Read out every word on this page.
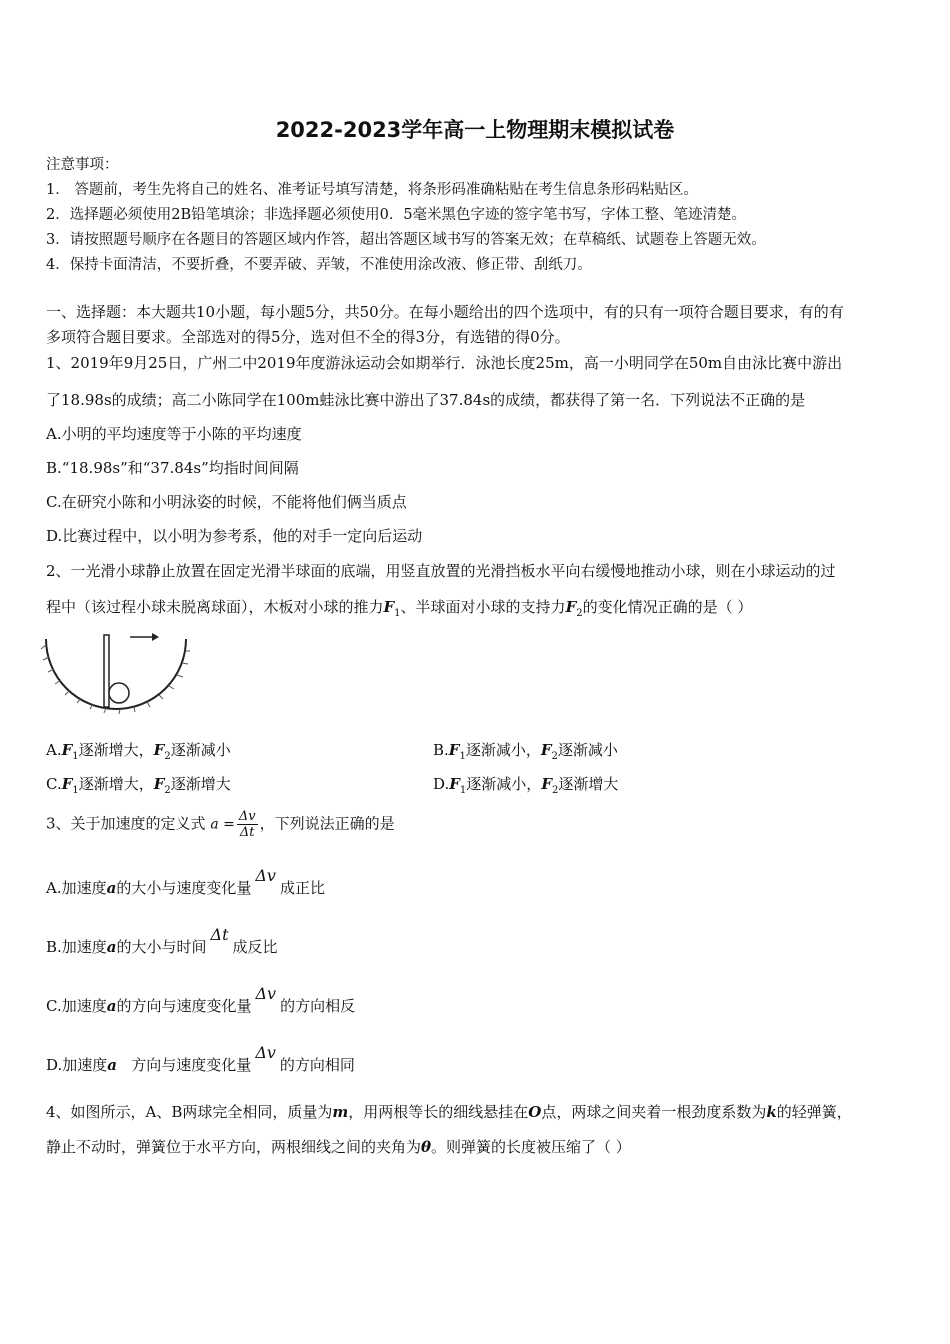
2022-2023学年高一上物理期末模拟试卷
注意事项：
1． 答题前，考生先将自己的姓名、准考证号填写清楚，将条形码准确粘贴在考生信息条形码粘贴区。
2．选择题必须使用2B铅笔填涂；非选择题必须使用0．5毫米黑色字迹的签字笔书写，字体工整、笔迹清楚。
3．请按照题号顺序在各题目的答题区域内作答，超出答题区域书写的答案无效；在草稿纸、试题卷上答题无效。
4．保持卡面清洁，不要折叠，不要弄破、弄皱，不准使用涂改液、修正带、刮纸刀。
一、选择题：本大题共10小题，每小题5分，共50分。在每小题给出的四个选项中，有的只有一项符合题目要求，有的有
多项符合题目要求。全部选对的得5分，选对但不全的得3分，有选错的得0分。
1、2019年9月25日，广州二中2019年度游泳运动会如期举行．泳池长度25m，高一小明同学在50m自由泳比赛中游出
了18.98s的成绩；高二小陈同学在100m蛙泳比赛中游出了37.84s的成绩，都获得了第一名．下列说法不正确的是
A.小明的平均速度等于小陈的平均速度
B.“18.98s”和“37.84s”均指时间间隔
C.在研究小陈和小明泳姿的时候，不能将他们俩当质点
D.比赛过程中，以小明为参考系，他的对手一定向后运动
2、一光滑小球静止放置在固定光滑半球面的底端，用竖直放置的光滑挡板水平向右缓慢地推动小球，则在小球运动的过
程中（该过程小球未脱离球面），木板对小球的推力$F_1$、半球面对小球的支持力$F_2$的变化情况正确的是（ ）
$A.F_1$逐渐增大，$F_2$逐渐减小	$B.F_1$逐渐减小，$F_2$逐渐减小
$C.F_1$逐渐增大，$F_2$逐渐增大	$D.F_1$逐渐减小，$F_2$逐渐增大
3、关于加速度的定义式 $a = \frac{\Delta v}{\Delta t}$ ，下列说法正确的是
A.加速度a的大小与速度变化量Δv成正比
B.加速度a的大小与时间Δt成反比
C.加速度a的方向与速度变化量Δv的方向相反
D.加速度a   方向与速度变化量Δv的方向相同
4、如图所示，A、B两球完全相同，质量为m，用两根等长的细线悬挂在O点，两球之间夹着一根劲度系数为k的轻弹簧，
静止不动时，弹簧位于水平方向，两根细线之间的夹角为θ。则弹簧的长度被压缩了（ ）
